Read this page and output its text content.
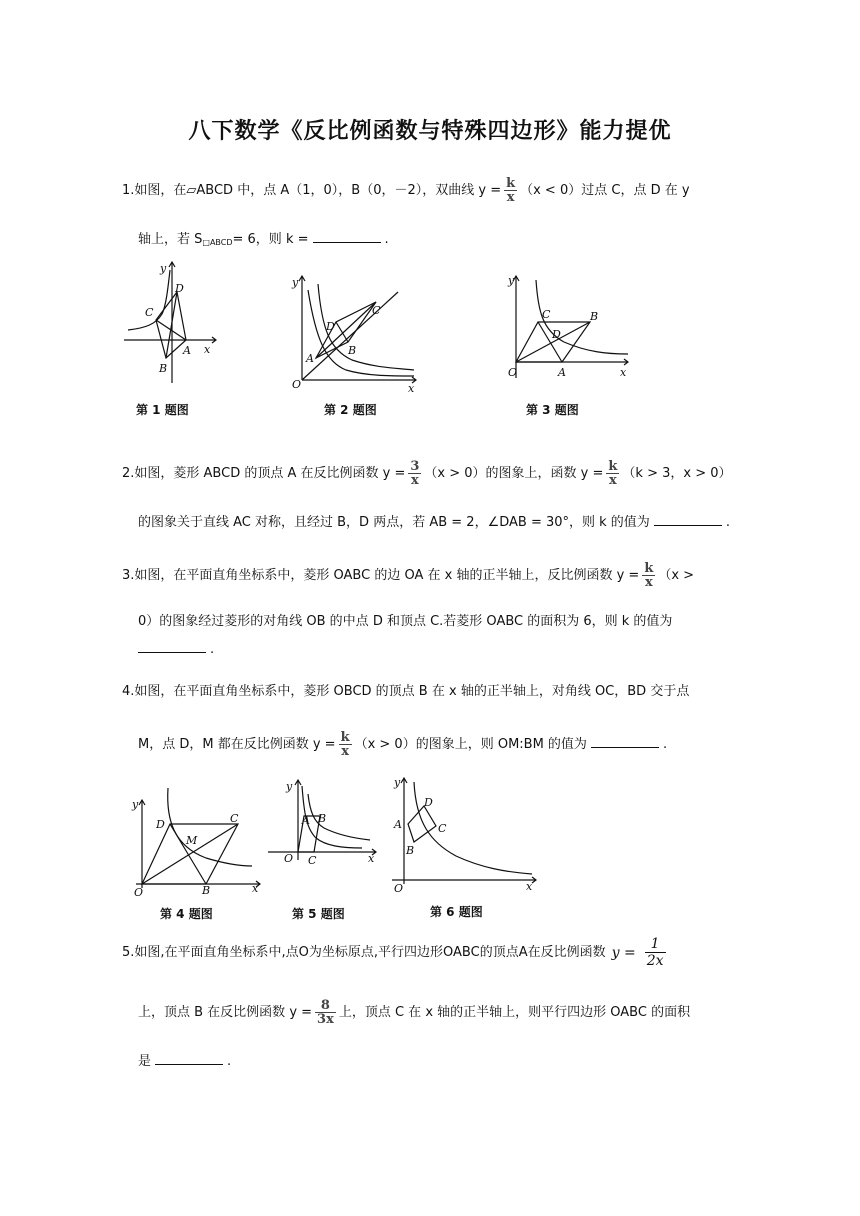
八下数学《反比例函数与特殊四边形》能力提优
1.如图，在▱ABCD 中，点 A（1，0），B（0，－2），双曲线 $y = \frac{k}{x} (x < 0)$过点 C，点 D 在 y
轴上，若 $S_{□ABCD}= 6$，则 k =	.
y
x
C
D
A
B
第 1 题图
y
x
O
A
B
C
D
第 2 题图
y
x
O	A
B
C
D
第 3 题图
2.如图，菱形 ABCD 的顶点 A 在反比例函数 $y = \frac{3}{x} (x > 0)$的图象上，函数 $y = \frac{k}{x} (k > 3$，x > 0）
的图象关于直线 AC 对称，且经过 B，D 两点，若 AB = 2，∠DAB = 30°，则 k 的值为	.
3.如图，在平面直角坐标系中，菱形 OABC 的边 OA 在 x 轴的正半轴上，反比例函数 $y = \frac{k}{x} (x$ >
0）的图象经过菱形的对角线 OB 的中点 D 和顶点 C.若菱形 OABC 的面积为 6，则 k 的值为
.
4.如图，在平面直角坐标系中，菱形 OBCD 的顶点 B 在 x 轴的正半轴上，对角线 OC，BD 交于点
M，点 D，M 都在反比例函数 $y = \frac{k}{x} (x > 0)$的图象上，则 OM:BM 的值为	.
y
x
O	B
C
D
M
第 4 题图
y
x
O
A B
C
第 5 题图
y
x
O
A
B
C
D
第 6 题图
5.如图,在平面直角坐标系中,点O为坐标原点,平行四边形OABC的顶点A在反比例函数 $y = \frac{1}{2x}$
上，顶点 B 在反比例函数 $y = \frac{8}{3x}$ 上，顶点 C 在 x 轴的正半轴上，则平行四边形 OABC 的面积
是	.
